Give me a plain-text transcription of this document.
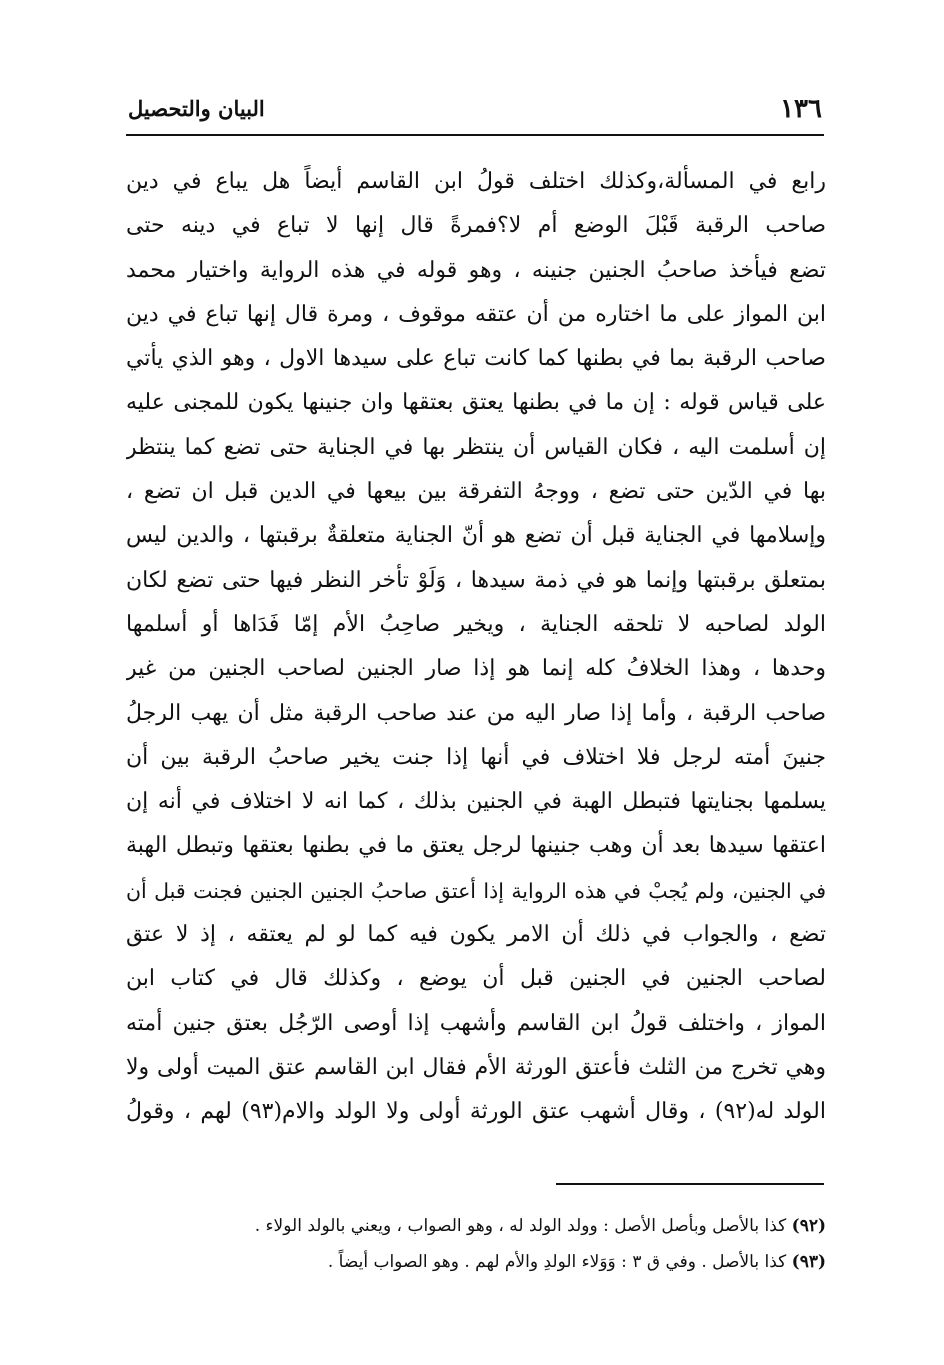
١٣٦
البيان والتحصيل
رابع في المسألة،وكذلك اختلف قولُ ابن القاسم أيضاً هل يباع في دين
صاحب الرقبة قَبْلَ الوضع أم لا؟فمرةً قال إنها لا تباع في دينه حتى
تضع فيأخذ صاحبُ الجنين جنينه ، وهو قوله في هذه الرواية واختيار محمد
ابن المواز على ما اختاره من أن عتقه موقوف ، ومرة قال إنها تباع في دين
صاحب الرقبة بما في بطنها كما كانت تباع على سيدها الاول ، وهو الذي يأتي
على قياس قوله : إن ما في بطنها يعتق بعتقها وان جنينها يكون للمجنى عليه
إن أسلمت اليه ، فكان القياس أن ينتظر بها في الجناية حتى تضع كما ينتظر
بها في الدّين حتى تضع ، ووجهُ التفرقة بين بيعها في الدين قبل ان تضع ،
وإسلامها في الجناية قبل أن تضع هو أنّ الجناية متعلقةٌ برقبتها ، والدين ليس
بمتعلق برقبتها وإنما هو في ذمة سيدها ، وَلَوْ تأخر النظر فيها حتى تضع لكان
الولد لصاحبه لا تلحقه الجناية ، ويخير صاحِبُ الأم إمّا فَدَاها أو أسلمها
وحدها ، وهذا الخلافُ كله إنما هو إذا صار الجنين لصاحب الجنين من غير
صاحب الرقبة ، وأما إذا صار اليه من عند صاحب الرقبة مثل أن يهب الرجلُ
جنينَ أمته لرجل فلا اختلاف في أنها إذا جنت يخير صاحبُ الرقبة بين أن
يسلمها بجنايتها فتبطل الهبة في الجنين بذلك ، كما انه لا اختلاف في أنه إن
اعتقها سيدها بعد أن وهب جنينها لرجل يعتق ما في بطنها بعتقها وتبطل الهبة
في الجنين، ولم يُجبْ في هذه الرواية إذا أعتق صاحبُ الجنين الجنين فجنت قبل أن
تضع ، والجواب في ذلك أن الامر يكون فيه كما لو لم يعتقه ، إذ لا عتق
لصاحب الجنين في الجنين قبل أن يوضع ، وكذلك قال في كتاب ابن
المواز ، واختلف قولُ ابن القاسم وأشهب إذا أوصى الرّجُل بعتق جنين أمته
وهي تخرج من الثلث فأعتق الورثة الأم فقال ابن القاسم عتق الميت أولى ولا
الولد له(٩٢) ، وقال أشهب عتق الورثة أولى ولا الولد والام(٩٣) لهم ، وقولُ
(٩٢) كذا بالأصل وبأصل الأصل : وولد الولد له ، وهو الصواب ، ويعني بالولد الولاء .
(٩٣) كذا بالأصل . وفي ق ٣ : وَوَلاء الولدِ والأم لهم . وهو الصواب أيضاً .
